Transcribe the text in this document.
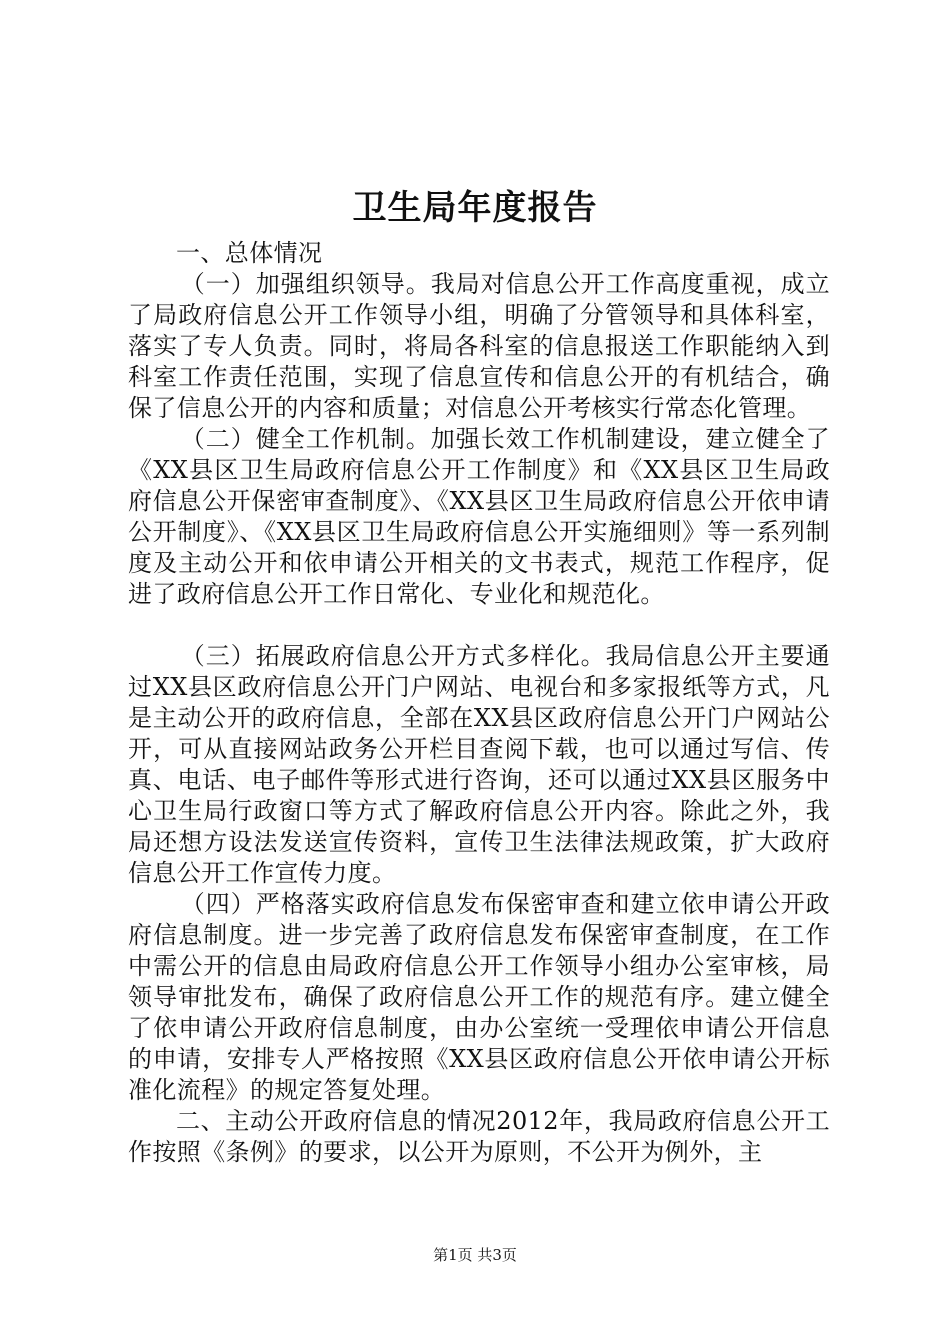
卫生局年度报告

一、总体情况

（一）加强组织领导。我局对信息公开工作高度重视，成立了局政府信息公开工作领导小组，明确了分管领导和具体科室，落实了专人负责。同时，将局各科室的信息报送工作职能纳入到科室工作责任范围，实现了信息宣传和信息公开的有机结合，确保了信息公开的内容和质量；对信息公开考核实行常态化管理。

（二）健全工作机制。加强长效工作机制建设，建立健全了《XX县区卫生局政府信息公开工作制度》和《XX县区卫生局政府信息公开保密审查制度》、《XX县区卫生局政府信息公开依申请公开制度》、《XX县区卫生局政府信息公开实施细则》等一系列制度及主动公开和依申请公开相关的文书表式，规范工作程序，促进了政府信息公开工作日常化、专业化和规范化。

（三）拓展政府信息公开方式多样化。我局信息公开主要通过XX县区政府信息公开门户网站、电视台和多家报纸等方式，凡是主动公开的政府信息，全部在XX县区政府信息公开门户网站公开，可从直接网站政务公开栏目查阅下载，也可以通过写信、传真、电话、电子邮件等形式进行咨询，还可以通过XX县区服务中心卫生局行政窗口等方式了解政府信息公开内容。除此之外，我局还想方设法发送宣传资料，宣传卫生法律法规政策，扩大政府信息公开工作宣传力度。

（四）严格落实政府信息发布保密审查和建立依申请公开政府信息制度。进一步完善了政府信息发布保密审查制度，在工作中需公开的信息由局政府信息公开工作领导小组办公室审核，局领导审批发布，确保了政府信息公开工作的规范有序。建立健全了依申请公开政府信息制度，由办公室统一受理依申请公开信息的申请，安排专人严格按照《XX县区政府信息公开依申请公开标准化流程》的规定答复处理。

二、主动公开政府信息的情况2012年，我局政府信息公开工作按照《条例》的要求，以公开为原则，不公开为例外，主

第1页 共3页
